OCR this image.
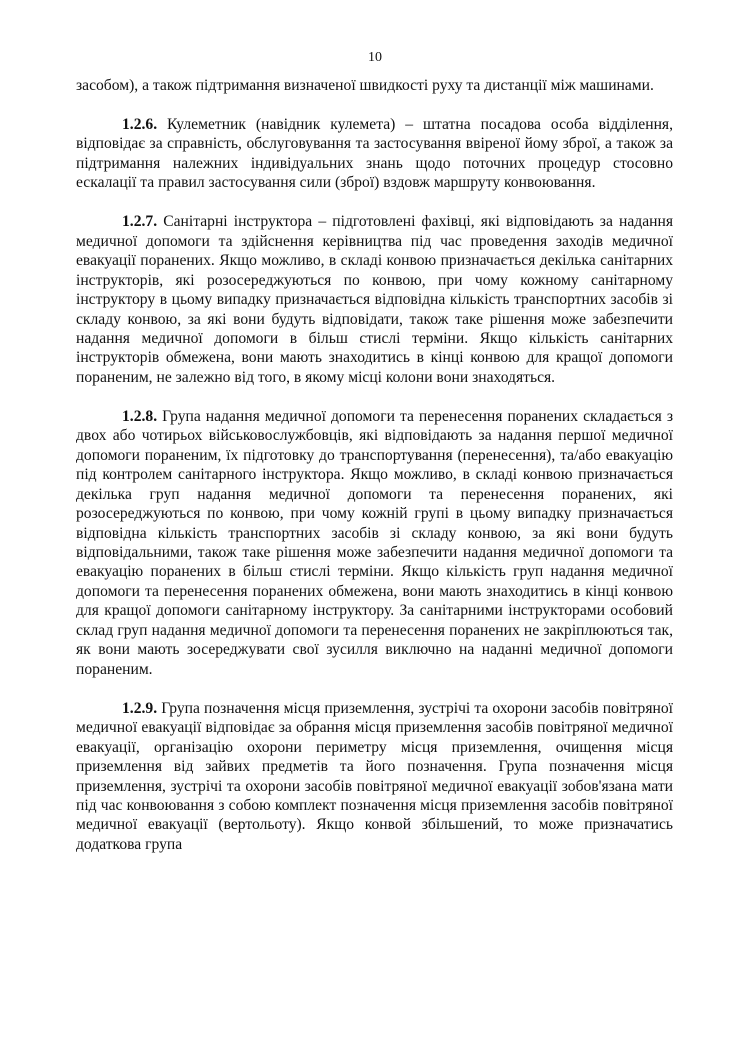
10

засобом), а також підтримання визначеної швидкості руху та дистанції між машинами.

1.2.6. Кулеметник (навідник кулемета) – штатна посадова особа відділення, відповідає за справність, обслуговування та застосування ввіреної йому зброї, а також за підтримання належних індивідуальних знань щодо поточних процедур стосовно ескалації та правил застосування сили (зброї) вздовж маршруту конвоювання.

1.2.7. Санітарні інструктора – підготовлені фахівці, які відповідають за надання медичної допомоги та здійснення керівництва під час проведення заходів медичної евакуації поранених. Якщо можливо, в складі конвою призначається декілька санітарних інструкторів, які розосереджуються по конвою, при чому кожному санітарному інструктору в цьому випадку призначається відповідна кількість транспортних засобів зі складу конвою, за які вони будуть відповідати, також таке рішення може забезпечити надання медичної допомоги в більш стислі терміни. Якщо кількість санітарних інструкторів обмежена, вони мають знаходитись в кінці конвою для кращої допомоги пораненим, не залежно від того, в якому місці колони вони знаходяться.

1.2.8. Група надання медичної допомоги та перенесення поранених складається з двох або чотирьох військовослужбовців, які відповідають за надання першої медичної допомоги пораненим, їх підготовку до транспортування (перенесення), та/або евакуацію під контролем санітарного інструктора. Якщо можливо, в складі конвою призначається декілька груп надання медичної допомоги та перенесення поранених, які розосереджуються по конвою, при чому кожній групі в цьому випадку призначається відповідна кількість транспортних засобів зі складу конвою, за які вони будуть відповідальними, також таке рішення може забезпечити надання медичної допомоги та евакуацію поранених в більш стислі терміни. Якщо кількість груп надання медичної допомоги та перенесення поранених обмежена, вони мають знаходитись в кінці конвою для кращої допомоги санітарному інструктору. За санітарними інструкторами особовий склад груп надання медичної допомоги та перенесення поранених не закріплюються так, як вони мають зосереджувати свої зусилля виключно на наданні медичної допомоги пораненим.

1.2.9. Група позначення місця приземлення, зустрічі та охорони засобів повітряної медичної евакуації відповідає за обрання місця приземлення засобів повітряної медичної евакуації, організацію охорони периметру місця приземлення, очищення місця приземлення від зайвих предметів та його позначення. Група позначення місця приземлення, зустрічі та охорони засобів повітряної медичної евакуації зобов'язана мати під час конвоювання з собою комплект позначення місця приземлення засобів повітряної медичної евакуації (вертольоту). Якщо конвой збільшений, то може призначатись додаткова група
